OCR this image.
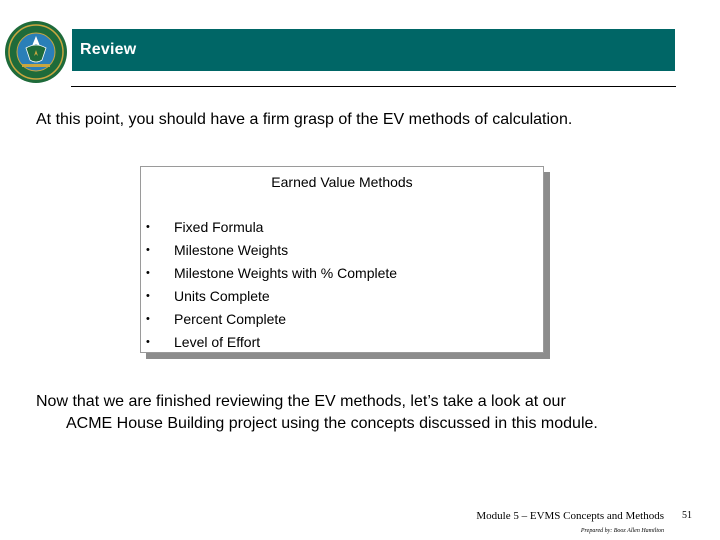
Review
At this point, you should have a firm grasp of the EV methods of calculation.
Earned Value Methods
• Fixed Formula
• Milestone Weights
• Milestone Weights with % Complete
• Units Complete
• Percent Complete
• Level of Effort
Now that we are finished reviewing the EV methods, let’s take a look at our
ACME House Building project using the concepts discussed in this module.
Module 5 – EVMS Concepts and Methods
Prepared by: Booz Allen Hamilton
51
